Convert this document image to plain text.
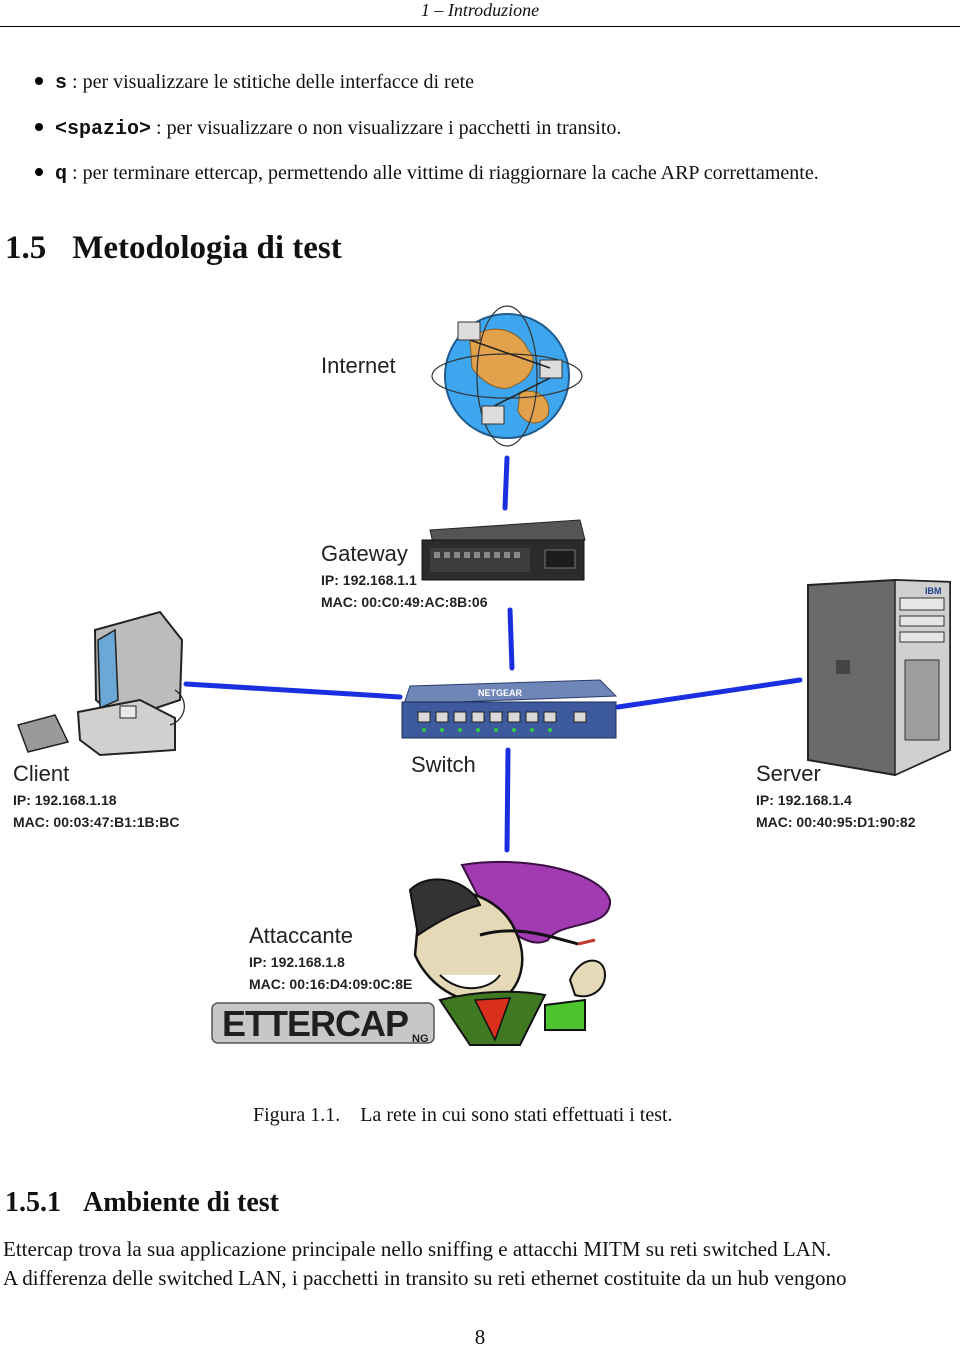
1 – Introduzione
s : per visualizzare le stitiche delle interfacce di rete
<spazio> : per visualizzare o non visualizzare i pacchetti in transito.
q : per terminare ettercap, permettendo alle vittime di riaggiornare la cache ARP correttamente.
1.5 Metodologia di test
NETGEAR
IBM
ETTERCAP NG
Internet
Gateway
IP: 192.168.1.1
MAC: 00:C0:49:AC:8B:06
Switch
Client
IP: 192.168.1.18
MAC: 00:03:47:B1:1B:BC
Server
IP: 192.168.1.4
MAC: 00:40:95:D1:90:82
Attaccante
IP: 192.168.1.8
MAC: 00:16:D4:09:0C:8E
Figura 1.1. La rete in cui sono stati effettuati i test.
1.5.1 Ambiente di test
Ettercap trova la sua applicazione principale nello sniffing e attacchi MITM su reti switched LAN.
A differenza delle switched LAN, i pacchetti in transito su reti ethernet costituite da un hub vengono
8
